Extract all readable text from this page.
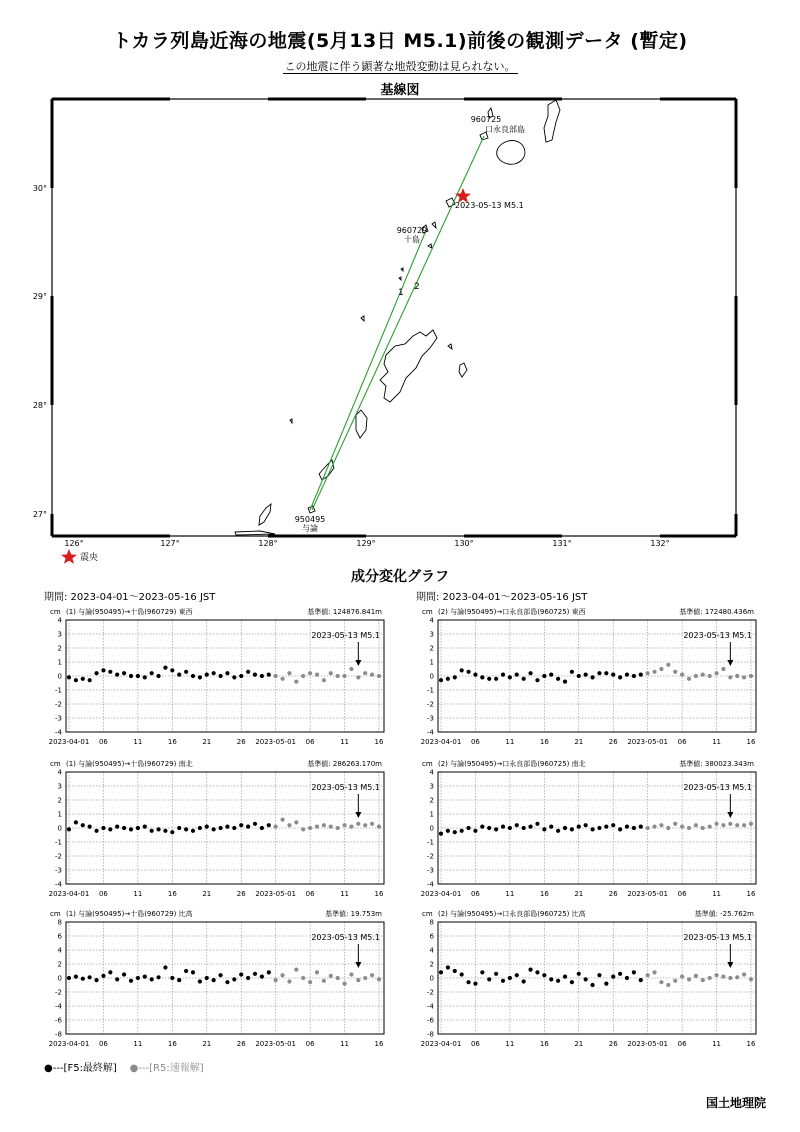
トカラ列島近海の地震(5月13日 M5.1)前後の観測データ (暫定)
この地震に伴う顕著な地殻変動は見られない。
基線図
1
2
960725
口永良部島
960729
十島
950495
与論
2023-05-13 M5.1
30°
29°
28°
27°
126°	127°	128°	129°	130°	131°	132°
震央
成分変化グラフ
期間: 2023-04-01～2023-05-16 JST	期間: 2023-04-01～2023-05-16 JST
cm (1) 与論(950495)→十島(960729) 東西	基準値: 124876.841m
4
3
2
1
0
-1
-2
-3
-4
2023-04-01 06	11	16	21	26 2023-05-01 06	11	16
2023-05-13 M5.1
cm (2) 与論(950495)→口永良部島(960725) 東西	基準値: 172480.436m
4
3
2
1
0
-1
-2
-3
-4
2023-04-01 06	11	16	21	26 2023-05-01 06	11	16
2023-05-13 M5.1
cm (1) 与論(950495)→十島(960729) 南北	基準値: 286263.170m
4
3
2
1
0
-1
-2
-3
-4
2023-04-01 06	11	16	21	26 2023-05-01 06	11	16
2023-05-13 M5.1
cm (2) 与論(950495)→口永良部島(960725) 南北	基準値: 380023.343m
4
3
2
1
0
-1
-2
-3
-4
2023-04-01 06	11	16	21	26 2023-05-01 06	11	16
2023-05-13 M5.1
cm (1) 与論(950495)→十島(960729) 比高	基準値: 19.753m
8
6
4
2
0
-2
-4
-6
-8
2023-04-01 06	11	16	21	26 2023-05-01 06	11	16
2023-05-13 M5.1
cm (2) 与論(950495)→口永良部島(960725) 比高	基準値: -25.762m
8
6
4
2
0
-2
-4
-6
-8
2023-04-01 06	11	16	21	26 2023-05-01 06	11	16
2023-05-13 M5.1
●---[F5:最終解] ●---[R5:速報解]
国土地理院
